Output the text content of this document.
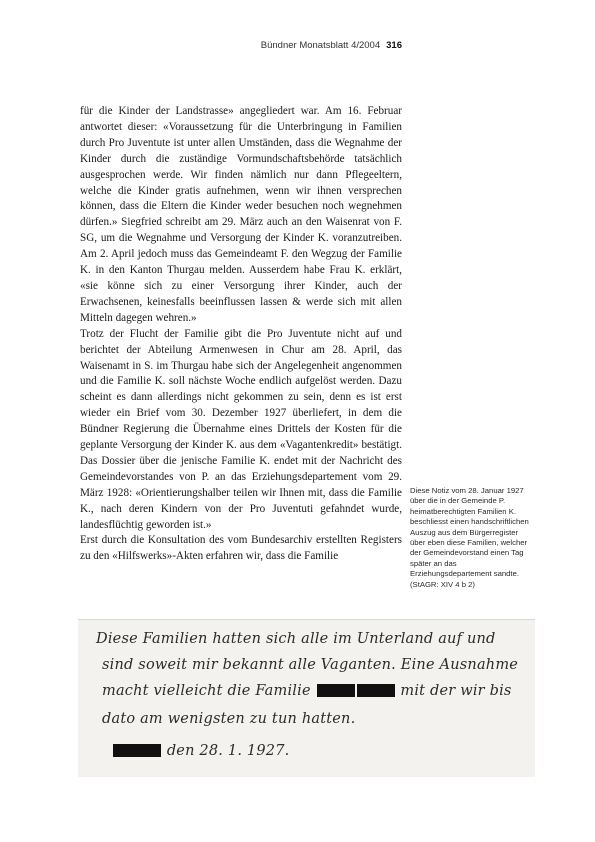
Bündner Monatsblatt 4/2004 316

für die Kinder der Landstrasse» angegliedert war. Am 16. Februar antwortet dieser: «Voraussetzung für die Unterbringung in Familien durch Pro Juventute ist unter allen Umständen, dass die Wegnahme der Kinder durch die zuständige Vormundschaftsbehörde tatsächlich ausgesprochen werde. Wir finden nämlich nur dann Pflegeeltern, welche die Kinder gratis aufnehmen, wenn wir ihnen versprechen können, dass die Eltern die Kinder weder besuchen noch wegnehmen dürfen.» Siegfried schreibt am 29. März auch an den Waisenrat von F. SG, um die Wegnahme und Versorgung der Kinder K. voranzutreiben. Am 2. April jedoch muss das Gemeindeamt F. den Wegzug der Familie K. in den Kanton Thurgau melden. Ausserdem habe Frau K. erklärt, «sie könne sich zu einer Versorgung ihrer Kinder, auch der Erwachsenen, keinesfalls beeinflussen lassen & werde sich mit allen Mitteln dagegen wehren.»

Trotz der Flucht der Familie gibt die Pro Juventute nicht auf und berichtet der Abteilung Armenwesen in Chur am 28. April, das Waisenamt in S. im Thurgau habe sich der Angelegenheit angenommen und die Familie K. soll nächste Woche endlich aufgelöst werden. Dazu scheint es dann allerdings nicht gekommen zu sein, denn es ist erst wieder ein Brief vom 30. Dezember 1927 überliefert, in dem die Bündner Regierung die Übernahme eines Drittels der Kosten für die geplante Versorgung der Kinder K. aus dem «Vagantenkredit» bestätigt. Das Dossier über die jenische Familie K. endet mit der Nachricht des Gemeindevorstandes von P. an das Erziehungsdepartement vom 29. März 1928: «Orientierungshalber teilen wir Ihnen mit, dass die Familie K., nach deren Kindern von der Pro Juventuti gefahndet wurde, landesflüchtig geworden ist.»

Erst durch die Konsultation des vom Bundesarchiv erstellten Registers zu den «Hilfswerks»-Akten erfahren wir, dass die Familie

Diese Notiz vom 28. Januar 1927 über die in der Gemeinde P. heimatberechtigten Familien K. beschliesst einen handschriftlichen Auszug aus dem Bürgerregister über eben diese Familien, welcher der Gemeindevorstand einen Tag später an das Erziehungsdepartement sandte. (StAGR: XIV 4 b 2)

Diese Familien hatten sich alle im Unterland auf und
sind soweit mir bekannt alle Vaganten. Eine Ausnahme
macht vielleicht die Familie	mit der wir bis
dato am wenigsten zu tun hatten.
den 28. 1. 1927.
